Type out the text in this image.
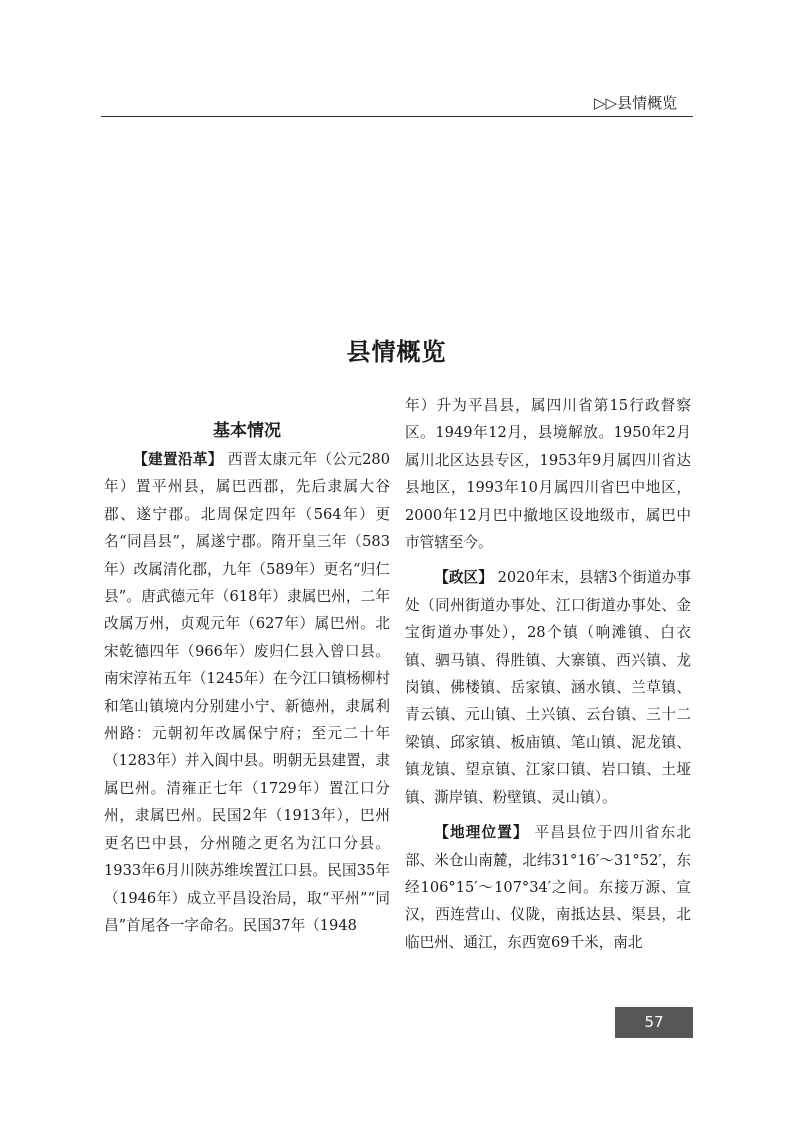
▷▷县情概览
县情概览
基本情况

【建置沿革】 西晋太康元年（公元280年）置平州县，属巴西郡，先后隶属大谷郡、遂宁郡。北周保定四年（564年）更名“同昌县”，属遂宁郡。隋开皇三年（583年）改属清化郡，九年（589年）更名“归仁县”。唐武德元年（618年）隶属巴州，二年改属万州，贞观元年（627年）属巴州。北宋乾德四年（966年）废归仁县入曾口县。南宋淳祐五年（1245年）在今江口镇杨柳村和笔山镇境内分别建小宁、新德州，隶属利州路：元朝初年改属保宁府；至元二十年（1283年）并入阆中县。明朝无县建置，隶属巴州。清雍正七年（1729年）置江口分州，隶属巴州。民国2年（1913年），巴州更名巴中县，分州随之更名为江口分县。1933年6月川陕苏维埃置江口县。民国35年（1946年）成立平昌设治局，取“平州”“同昌”首尾各一字命名。民国37年（1948

年）升为平昌县，属四川省第15行政督察区。1949年12月，县境解放。1950年2月属川北区达县专区，1953年9月属四川省达县地区，1993年10月属四川省巴中地区，2000年12月巴中撤地区设地级市，属巴中市管辖至今。

【政区】 2020年末，县辖3个街道办事处（同州街道办事处、江口街道办事处、金宝街道办事处），28个镇（响滩镇、白衣镇、驷马镇、得胜镇、大寨镇、西兴镇、龙岗镇、佛楼镇、岳家镇、涵水镇、兰草镇、青云镇、元山镇、土兴镇、云台镇、三十二梁镇、邱家镇、板庙镇、笔山镇、泥龙镇、镇龙镇、望京镇、江家口镇、岩口镇、土垭镇、澌岸镇、粉壁镇、灵山镇）。

【地理位置】 平昌县位于四川省东北部、米仓山南麓，北纬31°16′～31°52′，东经106°15′～107°34′之间。东接万源、宣汉，西连营山、仪陇，南抵达县、渠县，北临巴州、通江，东西宽69千米，南北

57
